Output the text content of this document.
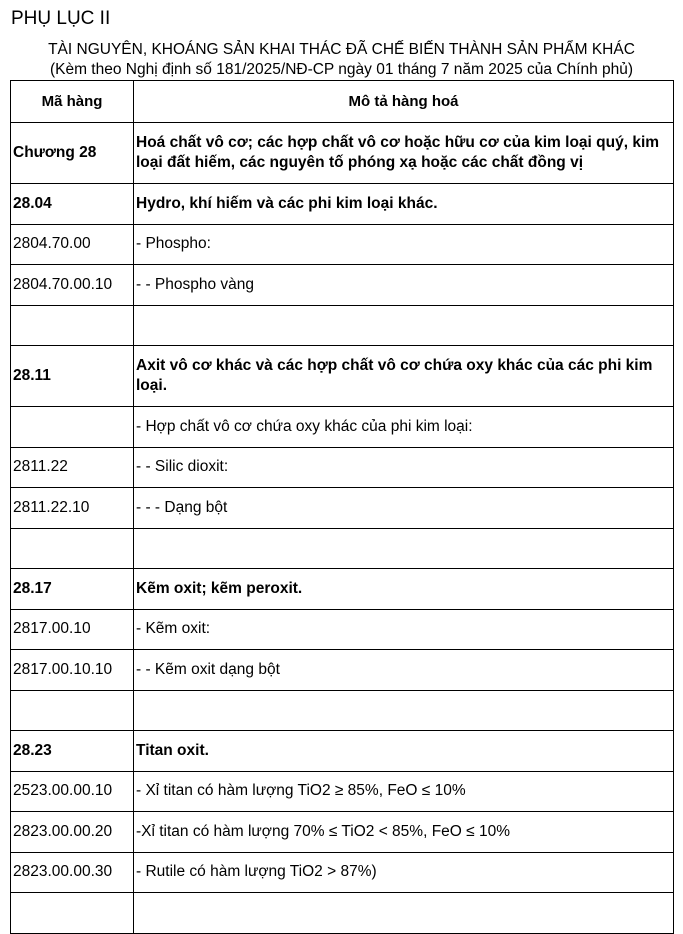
PHỤ LỤC II
TÀI NGUYÊN, KHOÁNG SẢN KHAI THÁC ĐÃ CHẾ BIẾN THÀNH SẢN PHẨM KHÁC
(Kèm theo Nghị định số 181/2025/NĐ-CP ngày 01 tháng 7 năm 2025 của Chính phủ)
Mã hàng	Mô tả hàng hoá
Chương 28	Hoá chất vô cơ; các hợp chất vô cơ hoặc hữu cơ của kim loại quý, kim loại đất hiếm, các nguyên tố phóng xạ hoặc các chất đồng vị
28.04	Hydro, khí hiếm và các phi kim loại khác.
2804.70.00	- Phospho:
2804.70.00.10	- - Phospho vàng

28.11	Axit vô cơ khác và các hợp chất vô cơ chứa oxy khác của các phi kim loại.
	- Hợp chất vô cơ chứa oxy khác của phi kim loại:
2811.22	- - Silic dioxit:
2811.22.10	- - - Dạng bột

28.17	Kẽm oxit; kẽm peroxit.
2817.00.10	- Kẽm oxit:
2817.00.10.10	- - Kẽm oxit dạng bột

28.23	Titan oxit.
2523.00.00.10	- Xỉ titan có hàm lượng TiO2 ≥ 85%, FeO ≤ 10%
2823.00.00.20	-Xỉ titan có hàm lượng 70% ≤ TiO2 < 85%, FeO ≤ 10%
2823.00.00.30	- Rutile có hàm lượng TiO2 > 87%)
